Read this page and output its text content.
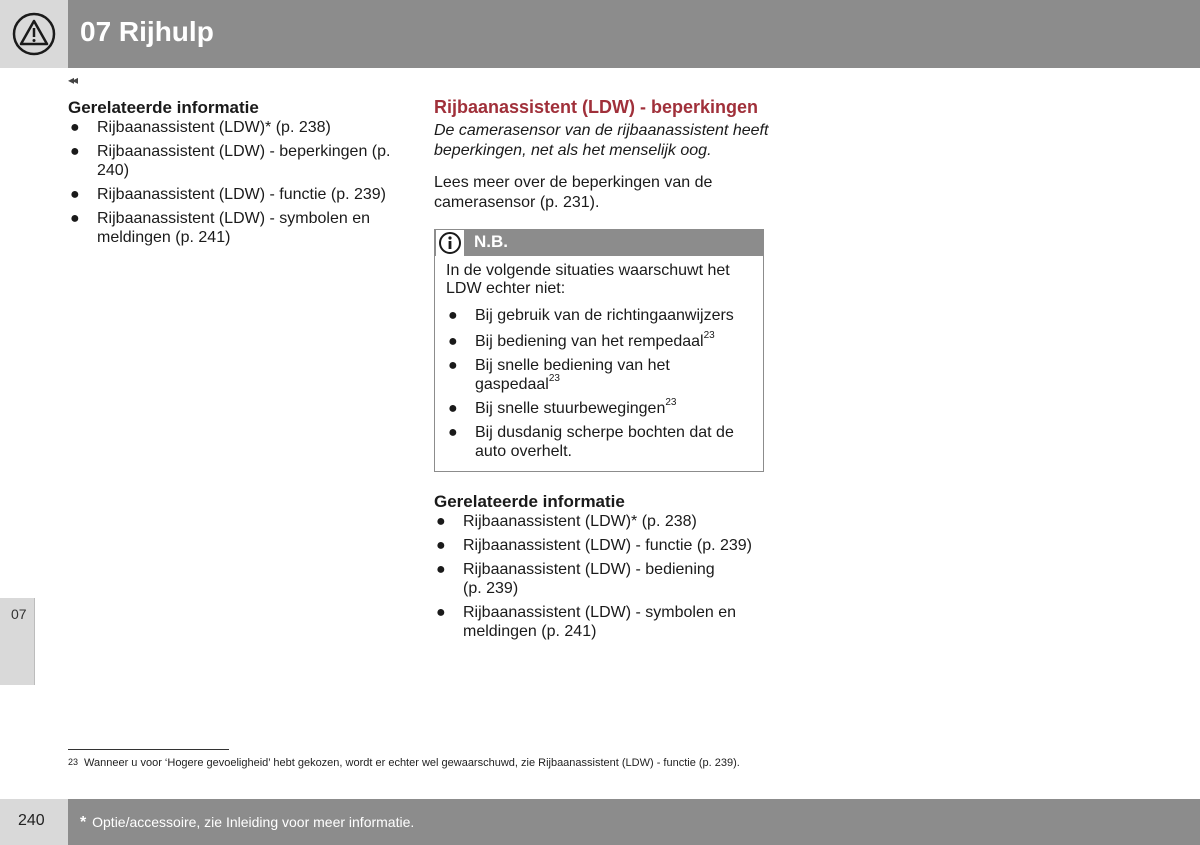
07 Rijhulp
◂◂
07
Gerelateerde informatie
● Rijbaanassistent (LDW)* (p. 238)
● Rijbaanassistent (LDW) - beperkingen (p. 240)
● Rijbaanassistent (LDW) - functie (p. 239)
● Rijbaanassistent (LDW) - symbolen en meldingen (p. 241)
Rijbaanassistent (LDW) - beperkingen

De camerasensor van de rijbaanassistent heeft beperkingen, net als het menselijk oog.

Lees meer over de beperkingen van de camerasensor (p. 231).

N.B.

In de volgende situaties waarschuwt het LDW echter niet:

● Bij gebruik van de richtingaanwijzers
● Bij bediening van het rempedaal$^{23}$
● Bij snelle bediening van het gaspedaal$^{23}$
● Bij snelle stuurbewegingen$^{23}$
● Bij dusdanig scherpe bochten dat de auto overhelt.
Gerelateerde informatie
● Rijbaanassistent (LDW)* (p. 238)
● Rijbaanassistent (LDW) - functie (p. 239)
● Rijbaanassistent (LDW) - bediening (p. 239)
● Rijbaanassistent (LDW) - symbolen en meldingen (p. 241)
23 Wanneer u voor ‘Hogere gevoeligheid’ hebt gekozen, wordt er echter wel gewaarschuwd, zie Rijbaanassistent (LDW) - functie (p. 239).
240 * Optie/accessoire, zie Inleiding voor meer informatie.
